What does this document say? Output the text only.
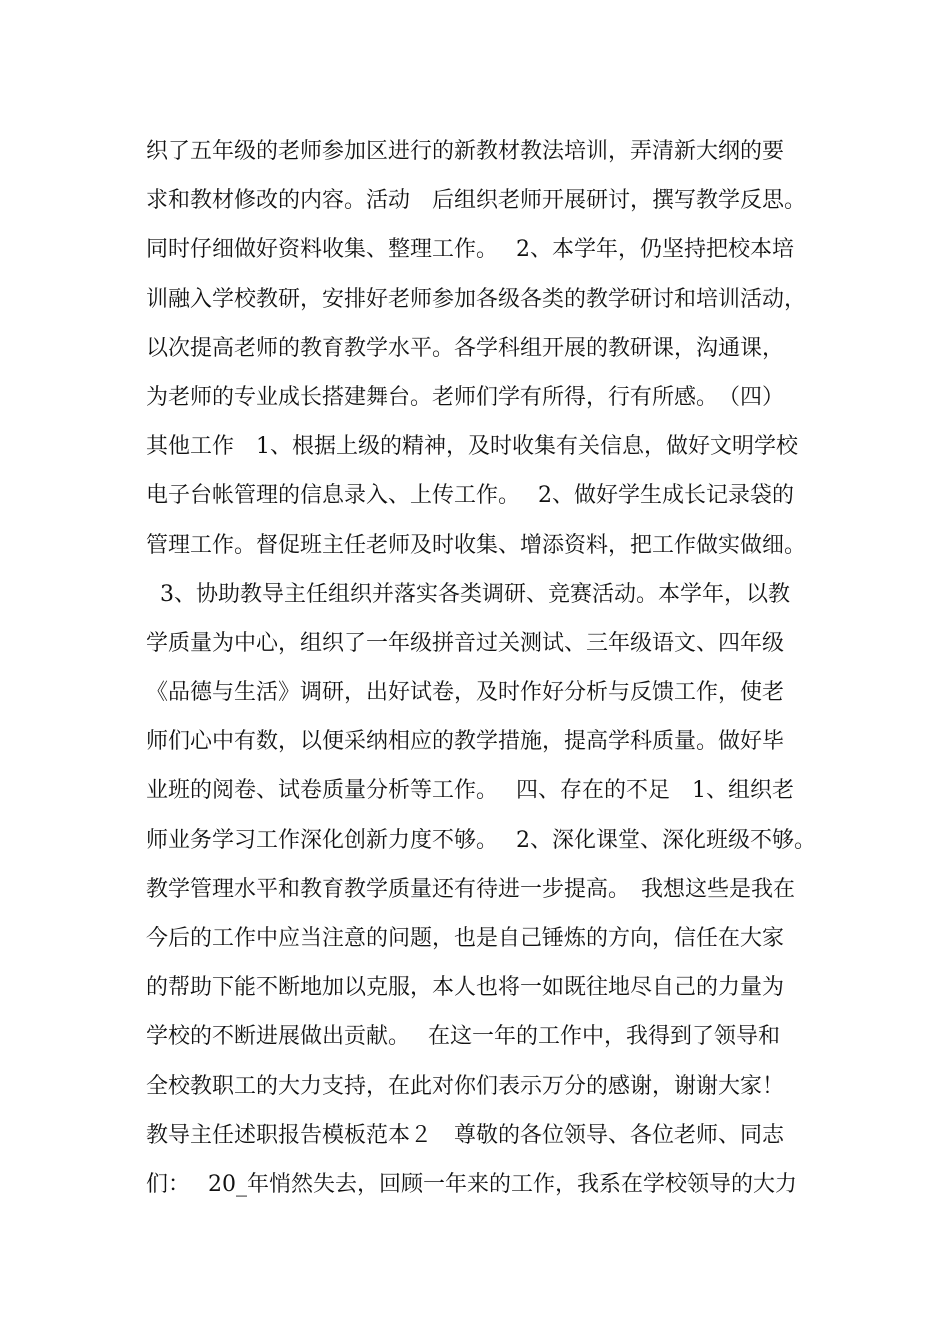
织了五年级的老师参加区进行的新教材教法培训，弄清新大纲的要
求和教材修改的内容。活动　后组织老师开展研讨，撰写教学反思。
同时仔细做好资料收集、整理工作。　 2、本学年，仍坚持把校本培
训融入学校教研，安排好老师参加各级各类的教学研讨和培训活动，
以次提高老师的教育教学水平。各学科组开展的教研课，沟通课，
为老师的专业成长搭建舞台。老师们学有所得，行有所感。　（四）
其他工作　1、根据上级的精神，及时收集有关信息，做好文明学校
电子台帐管理的信息录入、上传工作。　 2、做好学生成长记录袋的
管理工作。督促班主任老师及时收集、增添资料，把工作做实做细。
3、协助教导主任组织并落实各类调研、竞赛活动。本学年，以教
学质量为中心，组织了一年级拼音过关测试、三年级语文、四年级
《品德与生活》调研，出好试卷，及时作好分析与反馈工作，使老
师们心中有数，以便采纳相应的教学措施，提高学科质量。做好毕
业班的阅卷、试卷质量分析等工作。　 四、存在的不足　1、组织老
师业务学习工作深化创新力度不够。　 2、深化课堂、深化班级不够。
教学管理水平和教育教学质量还有待进一步提高。　我想这些是我在
今后的工作中应当注意的问题，也是自己锤炼的方向，信任在大家
的帮助下能不断地加以克服，本人也将一如既往地尽自己的力量为
学校的不断进展做出贡献。　 在这一年的工作中，我得到了领导和
全校教职工的大力支持，在此对你们表示万分的感谢，谢谢大家！
教导主任述职报告模板范本２　尊敬的各位领导、各位老师、同志
们：　 20_年悄然失去，回顾一年来的工作，我系在学校领导的大力
